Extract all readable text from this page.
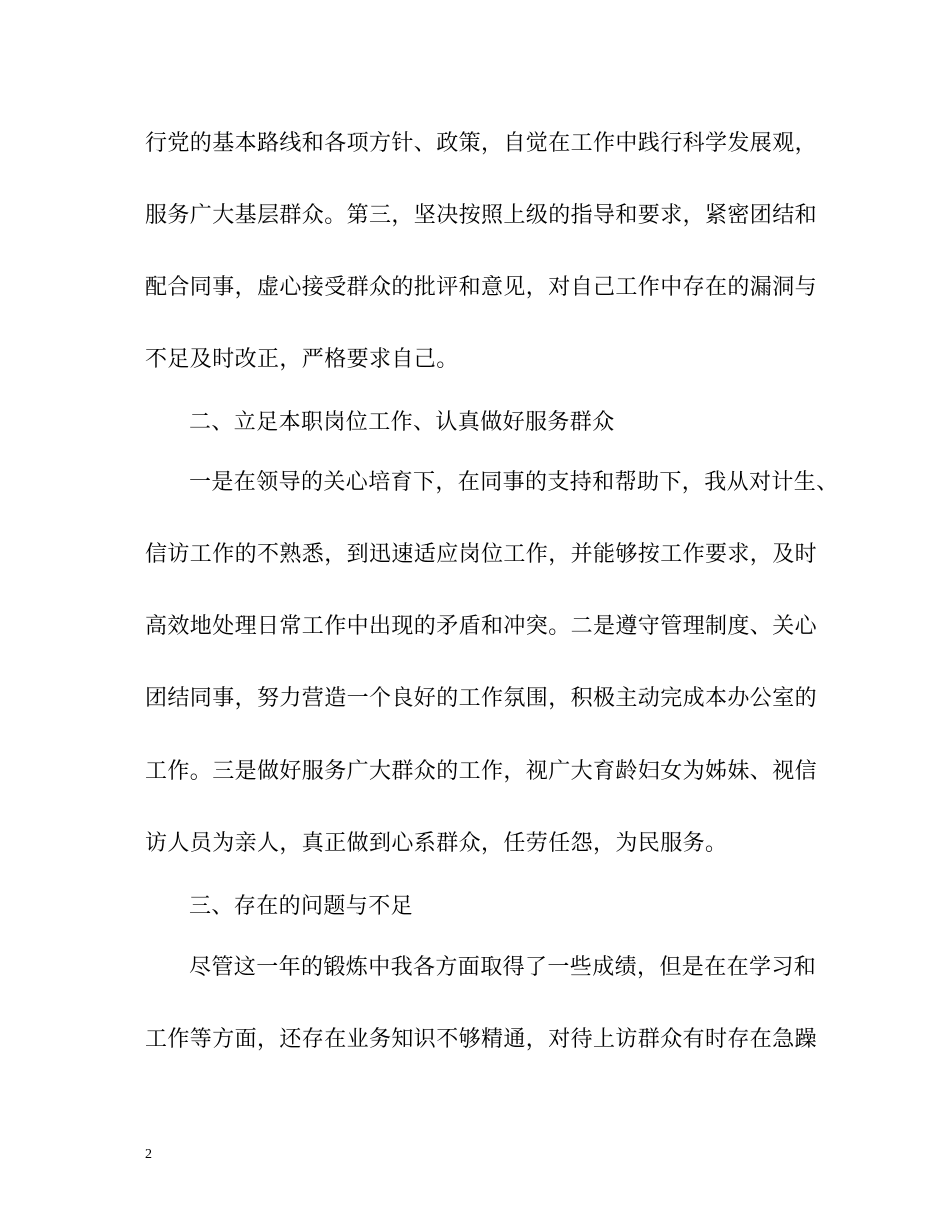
行党的基本路线和各项方针、政策，自觉在工作中践行科学发展观，
服务广大基层群众。第三，坚决按照上级的指导和要求，紧密团结和
配合同事，虚心接受群众的批评和意见，对自己工作中存在的漏洞与
不足及时改正，严格要求自己。
二、立足本职岗位工作、认真做好服务群众
一是在领导的关心培育下，在同事的支持和帮助下，我从对计生、
信访工作的不熟悉，到迅速适应岗位工作，并能够按工作要求，及时
高效地处理日常工作中出现的矛盾和冲突。二是遵守管理制度、关心
团结同事，努力营造一个良好的工作氛围，积极主动完成本办公室的
工作。三是做好服务广大群众的工作，视广大育龄妇女为姊妹、视信
访人员为亲人，真正做到心系群众，任劳任怨，为民服务。
三、存在的问题与不足
尽管这一年的锻炼中我各方面取得了一些成绩，但是在在学习和
工作等方面，还存在业务知识不够精通，对待上访群众有时存在急躁
2
